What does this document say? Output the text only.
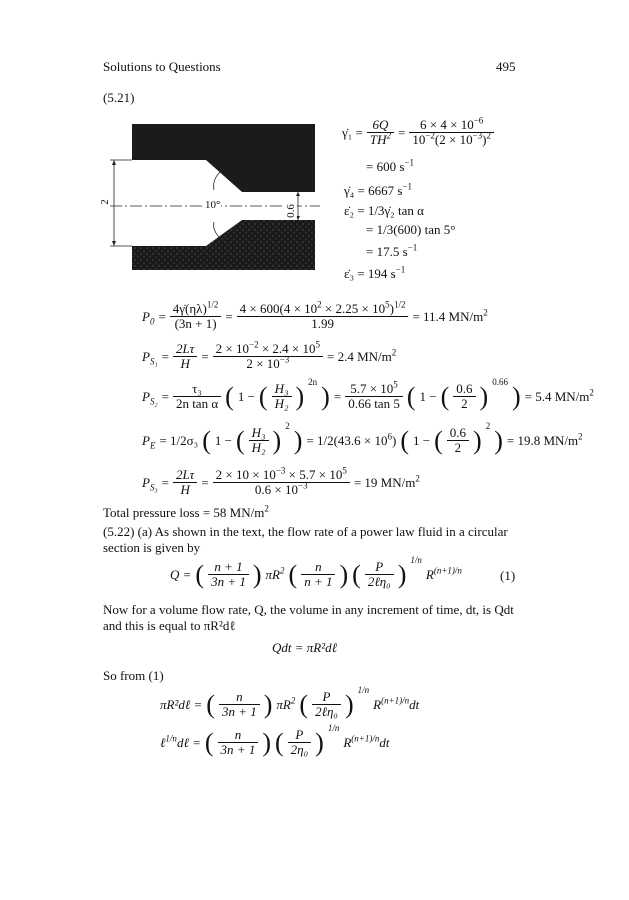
Solutions to Questions	495
(5.21)
2	10°	0.6
γ̇₁ = $\frac{6Q}{TH^2} = \frac{6 \times 4 \times 10^{-6}}{10^{-2}(2 \times 10^{-3})^2}$
= 600 $s^{-1}$
γ̇₄ = 6667 $s^{-1}$
ε̇₂ = 1/3γ̇₂ tan α
= 1/3(600) tan 5°
= 17.5 $s^{-1}$
ε̇₃ = 194 $s^{-1}$
$P_0 = \frac{4\gammȧ(\eta\lambda)^{1/2}}{(3n + 1)} = \frac{4 \times 600(4 \times 10^2 \times 2.25 \times 10^5)^{1/2}}{1.99} = 11.4$ $MN/m^2$
$P_{S_1} = \frac{2L\tau}{H} = \frac{2 \times 10^{-2} \times 2.4 \times 10^5}{2 \times 10^{-3}} = 2.4$ $MN/m^2$
$P_{S_2} = \frac{\text{τ₃}}{\text{2n tan α}}$ ( 1 − ( $\frac{\text{H₃}}{\text{H₂}}$ ) 2n ) = $\frac{5.7 \times 10^5}{0.66 \tan 5}$ ( 1 − ( $\frac{0.6}{2}$ ) 0.66 ) = 5.4 $MN/m^2$
$P_E = 1/2\sigma_3$ ( 1 − ( $\frac{\text{H₃}}{\text{H₂}}$ ) 2 ) = $1/2(43.6 \times 10^6)$ ( 1 − ( $\frac{0.6}{2}$ ) 2 ) = 19.8 $MN/m^2$
$P_{S_3} = \frac{2L\tau}{H} = \frac{2 \times 10 \times 10^{-3} \times 5.7 \times 10^5}{0.6 \times 10^{-3}} = 19$ $MN/m^2$
Total pressure loss = 58 $MN/m^2$
(5.22) (a) As shown in the text, the flow rate of a power law fluid in a circular section is given by
Q = ( $\frac{n + 1}{3n + 1}$ ) $\pi R^2$ ( $\frac{n}{n + 1}$ ) ( $\frac{P}{\text{2ℓη₀}}$ ) 1/n
$R^{(n+1)/n}$	(1)
Now for a volume flow rate, Q, the volume in any increment of time, dt, is Qdt and this is equal to πR²dℓ
Qdt = πR²dℓ
So from (1)
πR²dℓ = ( $\frac{n}{3n + 1}$ ) $\pi R^2$ ( $\frac{P}{\text{2ℓη₀}}$ ) 1/n
$R^{(n+1)/n}dt$
ℓ$^{1/n}$dℓ = ( $\frac{n}{3n + 1}$ ) ( $\frac{P}{\text{2η₀}}$ ) 1/n
$R^{(n+1)/n}dt$
